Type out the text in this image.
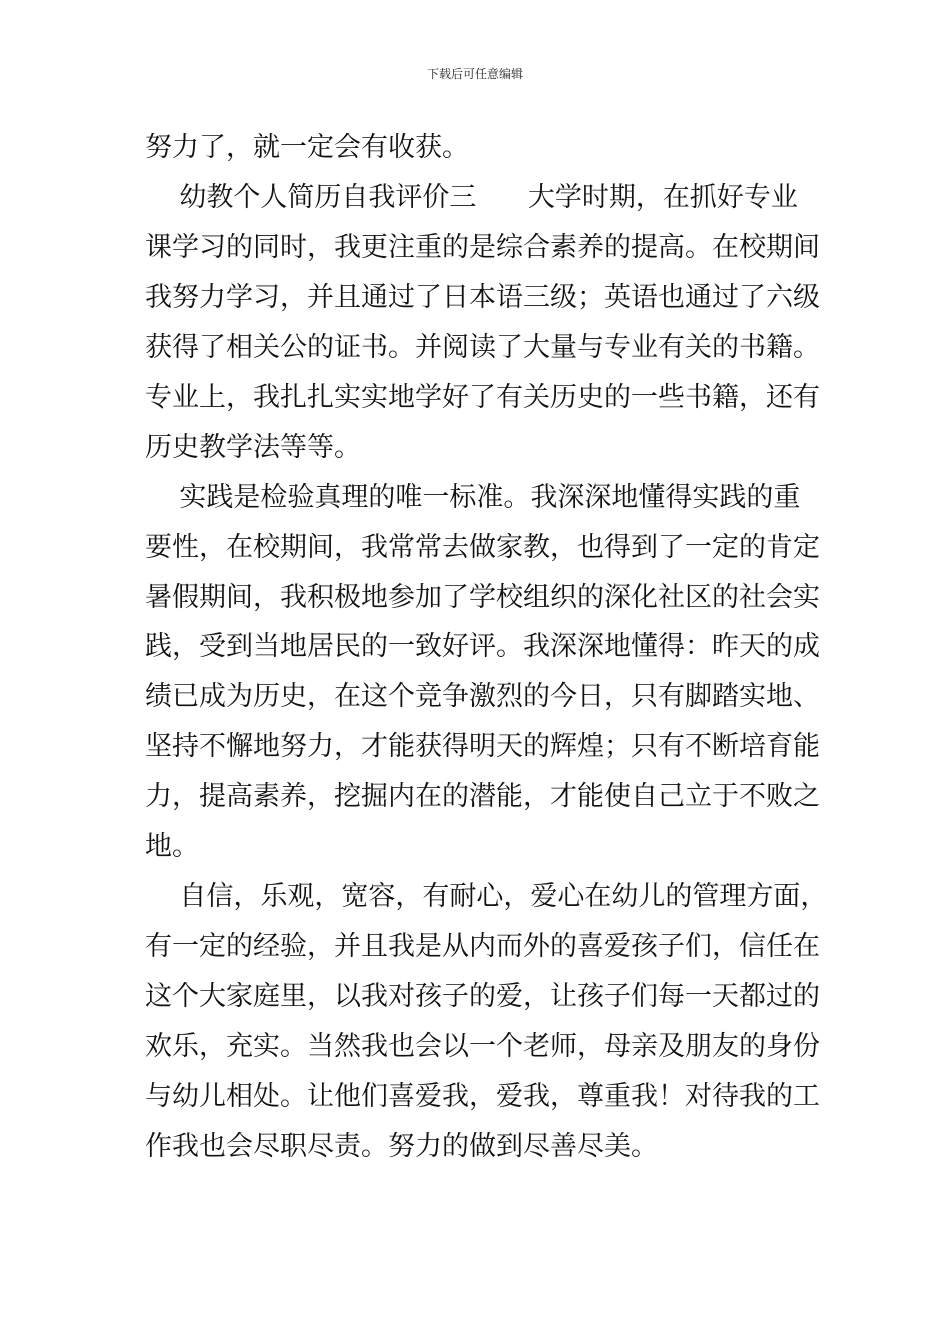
下载后可任意编辑
努力了，就一定会有收获。
幼教个人简历自我评价三      大学时期，在抓好专业
课学习的同时，我更注重的是综合素养的提高。在校期间
我努力学习，并且通过了日本语三级；英语也通过了六级
获得了相关公的证书。并阅读了大量与专业有关的书籍。
专业上，我扎扎实实地学好了有关历史的一些书籍，还有
历史教学法等等。
实践是检验真理的唯一标准。我深深地懂得实践的重
要性，在校期间，我常常去做家教，也得到了一定的肯定
暑假期间，我积极地参加了学校组织的深化社区的社会实
践，受到当地居民的一致好评。我深深地懂得：昨天的成
绩已成为历史，在这个竞争激烈的今日，只有脚踏实地、
坚持不懈地努力，才能获得明天的辉煌；只有不断培育能
力，提高素养，挖掘内在的潜能，才能使自己立于不败之
地。
自信，乐观，宽容，有耐心，爱心在幼儿的管理方面，
有一定的经验，并且我是从内而外的喜爱孩子们，信任在
这个大家庭里，以我对孩子的爱，让孩子们每一天都过的
欢乐，充实。当然我也会以一个老师，母亲及朋友的身份
与幼儿相处。让他们喜爱我，爱我，尊重我！对待我的工
作我也会尽职尽责。努力的做到尽善尽美。
